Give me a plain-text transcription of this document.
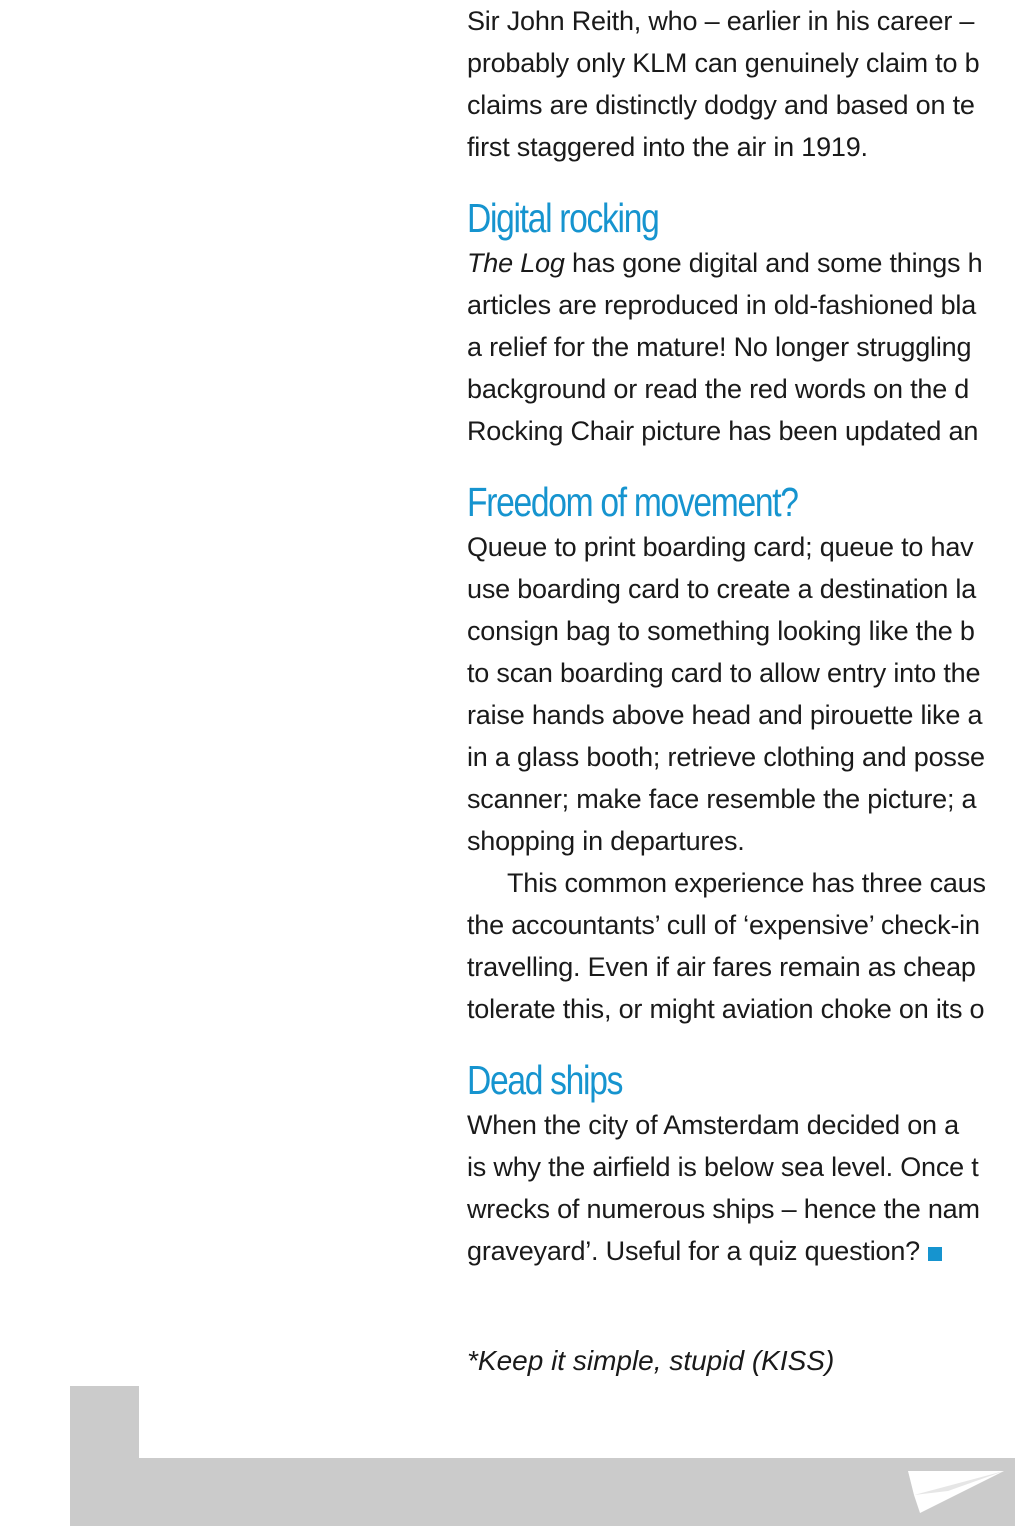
Sir John Reith, who – earlier in his career –
probably only KLM can genuinely claim to b
claims are distinctly dodgy and based on te
first staggered into the air in 1919.
Digital rocking
The Log has gone digital and some things h
articles are reproduced in old-fashioned bla
a relief for the mature! No longer struggling
background or read the red words on the d
Rocking Chair picture has been updated an
Freedom of movement?
Queue to print boarding card; queue to hav
use boarding card to create a destination la
consign bag to something looking like the b
to scan boarding card to allow entry into the
raise hands above head and pirouette like a
in a glass booth; retrieve clothing and posse
scanner; make face resemble the picture; a
shopping in departures.
This common experience has three caus
the accountants’ cull of ‘expensive’ check-in
travelling. Even if air fares remain as cheap
tolerate this, or might aviation choke on its o
Dead ships
When the city of Amsterdam decided on a
is why the airfield is below sea level. Once t
wrecks of numerous ships – hence the nam
graveyard’. Useful for a quiz question?
*Keep it simple, stupid (KISS)
